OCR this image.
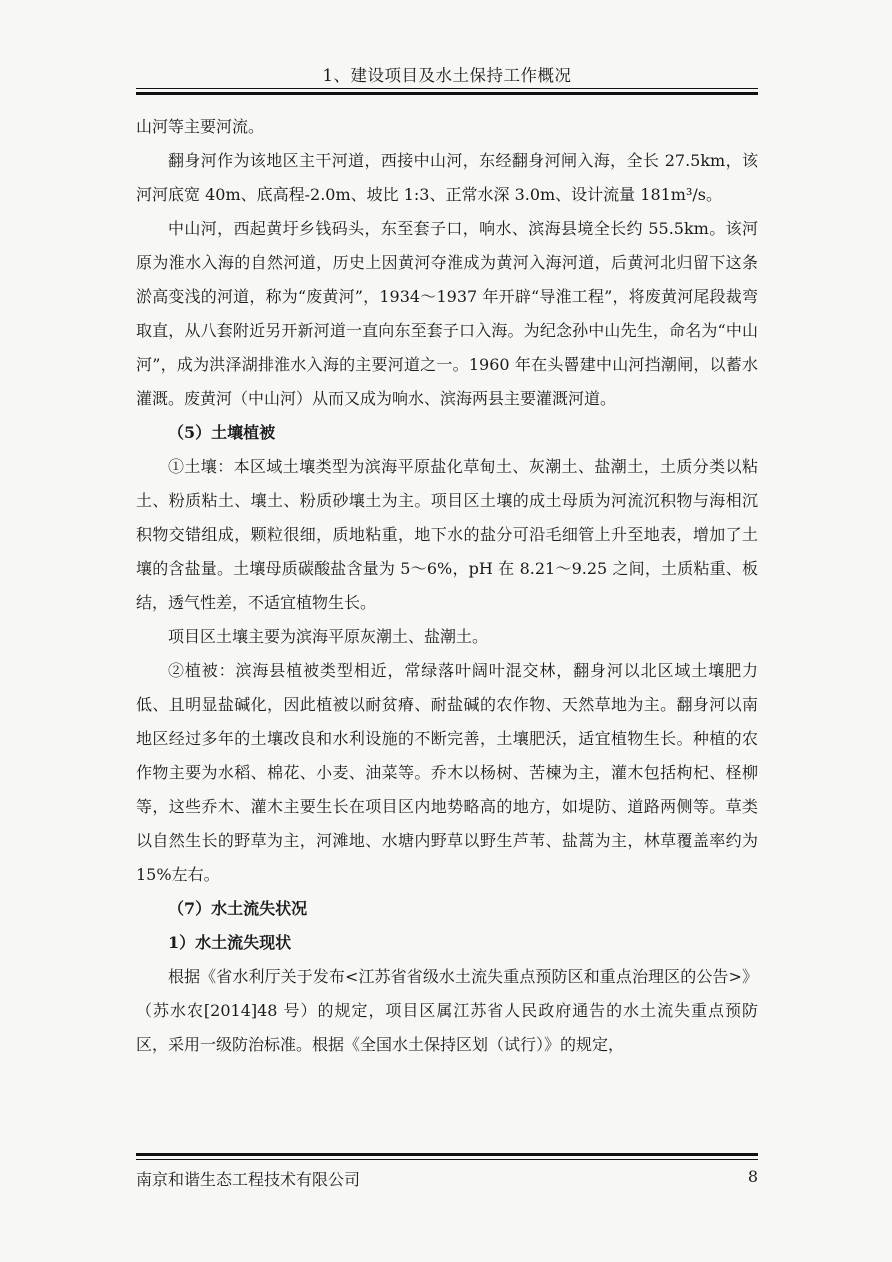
1、建设项目及水土保持工作概况

山河等主要河流。

翻身河作为该地区主干河道，西接中山河，东经翻身河闸入海，全长 27.5km，该河河底宽 40m、底高程-2.0m、坡比 1:3、正常水深 3.0m、设计流量 181m³/s。

中山河，西起黄圩乡钱码头，东至套子口，响水、滨海县境全长约 55.5km。该河原为淮水入海的自然河道，历史上因黄河夺淮成为黄河入海河道，后黄河北归留下这条淤高变浅的河道，称为“废黄河”，1934～1937 年开辟“导淮工程”，将废黄河尾段裁弯取直，从八套附近另开新河道一直向东至套子口入海。为纪念孙中山先生，命名为“中山河”，成为洪泽湖排淮水入海的主要河道之一。1960 年在头罾建中山河挡潮闸，以蓄水灌溉。废黄河（中山河）从而又成为响水、滨海两县主要灌溉河道。

（5）土壤植被

①土壤：本区域土壤类型为滨海平原盐化草甸土、灰潮土、盐潮土，土质分类以粘土、粉质粘土、壤土、粉质砂壤土为主。项目区土壤的成土母质为河流沉积物与海相沉积物交错组成，颗粒很细，质地粘重，地下水的盐分可沿毛细管上升至地表，增加了土壤的含盐量。土壤母质碳酸盐含量为 5～6%，pH 在 8.21～9.25 之间，土质粘重、板结，透气性差，不适宜植物生长。

项目区土壤主要为滨海平原灰潮土、盐潮土。

②植被：滨海县植被类型相近，常绿落叶阔叶混交林，翻身河以北区域土壤肥力低、且明显盐碱化，因此植被以耐贫瘠、耐盐碱的农作物、天然草地为主。翻身河以南地区经过多年的土壤改良和水利设施的不断完善，土壤肥沃，适宜植物生长。种植的农作物主要为水稻、棉花、小麦、油菜等。乔木以杨树、苦楝为主，灌木包括枸杞、柽柳等，这些乔木、灌木主要生长在项目区内地势略高的地方，如堤防、道路两侧等。草类以自然生长的野草为主，河滩地、水塘内野草以野生芦苇、盐蒿为主，林草覆盖率约为 15%左右。

（7）水土流失状况

1）水土流失现状

根据《省水利厅关于发布<江苏省省级水土流失重点预防区和重点治理区的公告>》（苏水农[2014]48 号）的规定，项目区属江苏省人民政府通告的水土流失重点预防区，采用一级防治标准。根据《全国水土保持区划（试行）》的规定，

南京和谐生态工程技术有限公司	8
